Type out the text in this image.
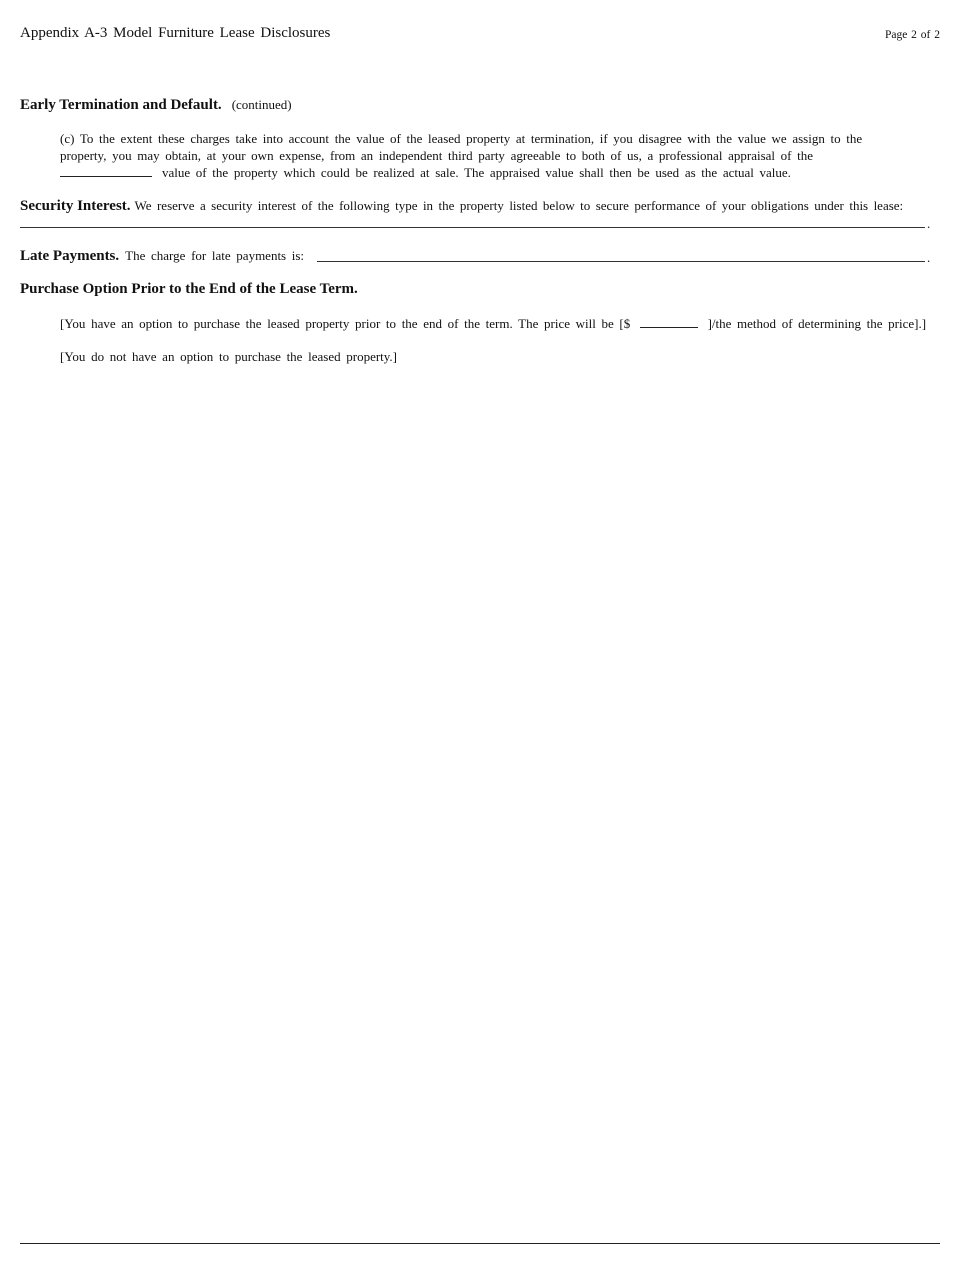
Appendix A-3 Model Furniture Lease Disclosures	Page 2 of 2
Early Termination and Default. (continued)
(c) To the extent these charges take into account the value of the leased property at termination, if you disagree with the value we assign to the
property, you may obtain, at your own expense, from an independent third party agreeable to both of us, a professional appraisal of the
value of the property which could be realized at sale. The appraised value shall then be used as the actual value.
Security Interest. We reserve a security interest of the following type in the property listed below to secure performance of your obligations under this lease:
.
Late Payments. The charge for late payments is:	.
Purchase Option Prior to the End of the Lease Term.
[You have an option to purchase the leased property prior to the end of the term. The price will be [$	]/the method of determining the price].]
[You do not have an option to purchase the leased property.]
